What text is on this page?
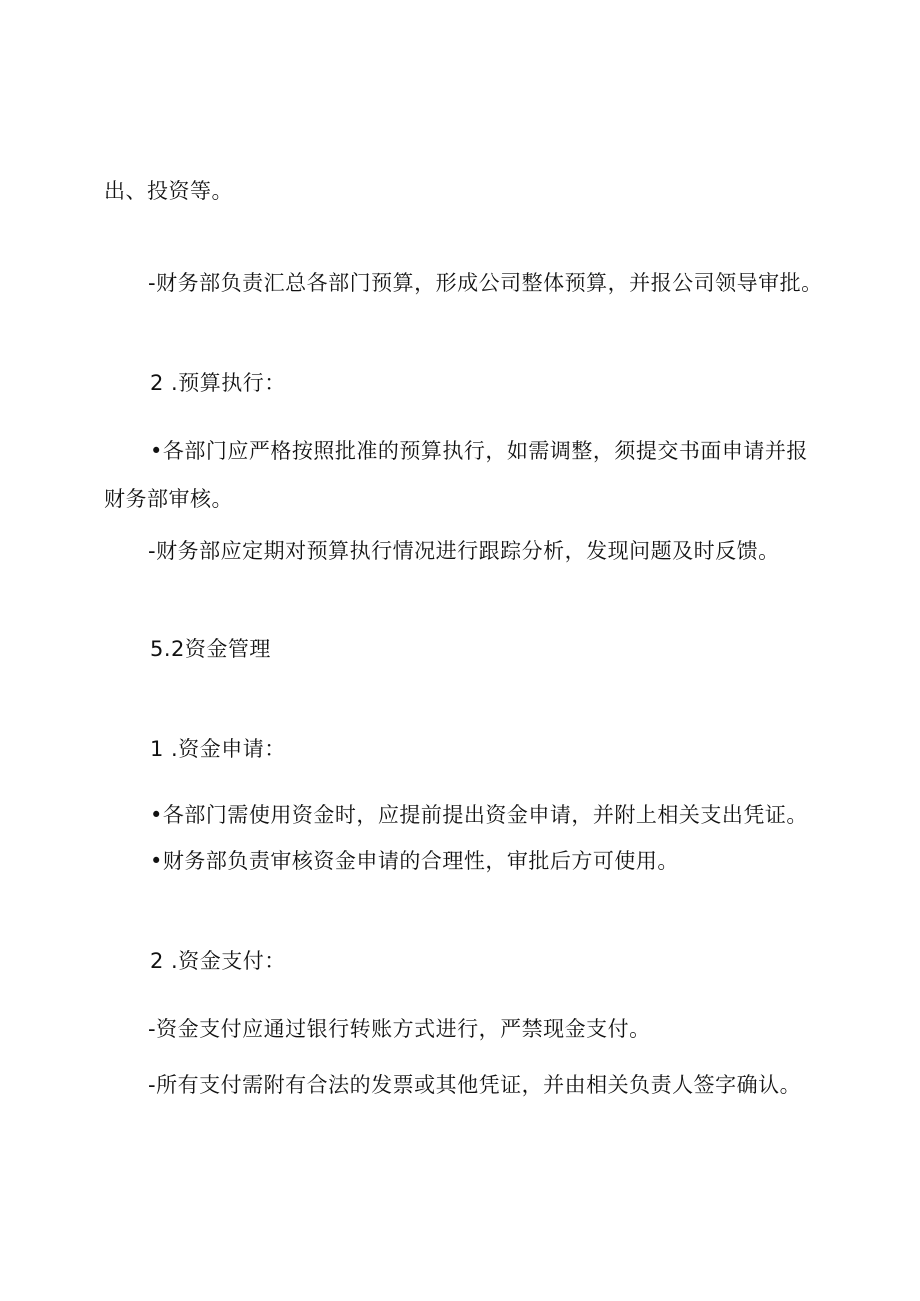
出、投资等。
-财务部负责汇总各部门预算，形成公司整体预算，并报公司领导审批。
2 .预算执行：
•各部门应严格按照批准的预算执行，如需调整，须提交书面申请并报
财务部审核。
-财务部应定期对预算执行情况进行跟踪分析，发现问题及时反馈。
5.2资金管理
1 .资金申请：
•各部门需使用资金时，应提前提出资金申请，并附上相关支出凭证。
•财务部负责审核资金申请的合理性，审批后方可使用。
2 .资金支付：
-资金支付应通过银行转账方式进行，严禁现金支付。
-所有支付需附有合法的发票或其他凭证，并由相关负责人签字确认。
